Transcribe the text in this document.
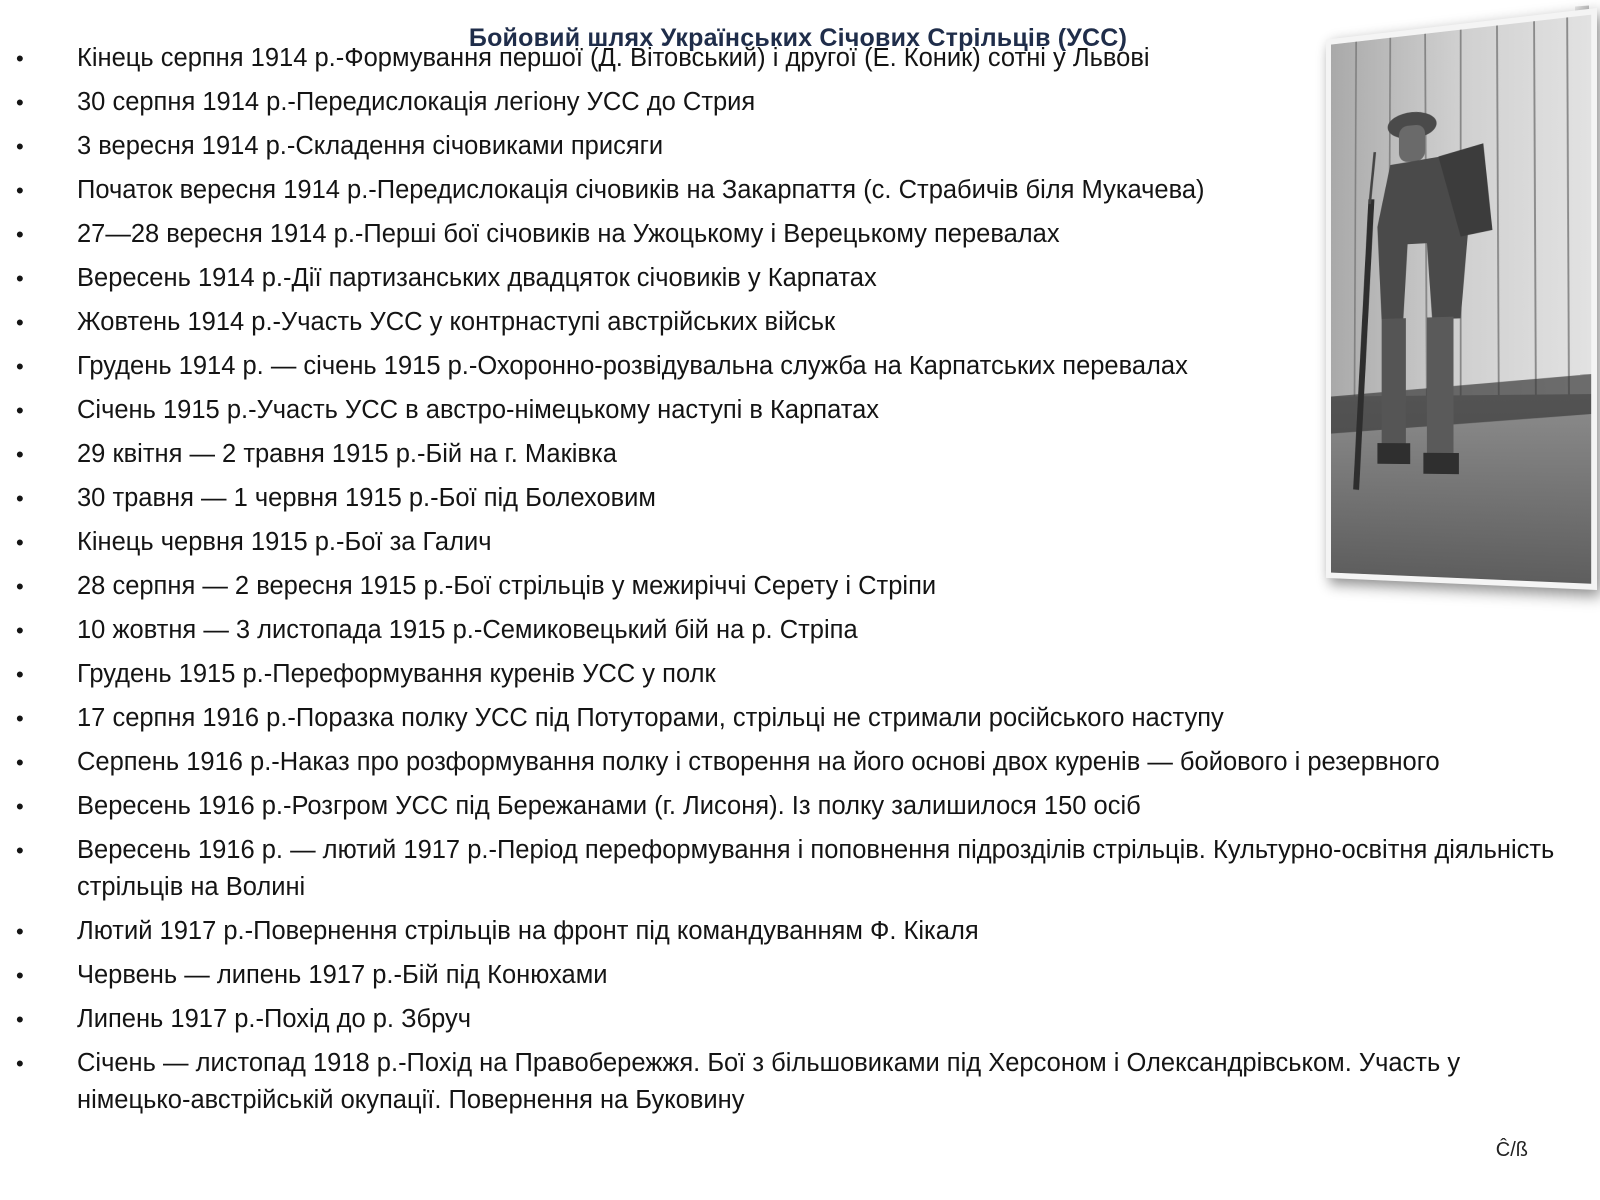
Бойовий шлях Українських Січових Стрільців (УСС)
• Кінець серпня 1914 р.-Формування першої (Д. Вітовський) і другої (Е. Коник) сотні у Львові
• 30 серпня 1914 р.-Передислокація легіону УСС до Стрия
• 3 вересня 1914 р.-Складення січовиками присяги
• Початок вересня 1914 р.-Передислокація січовиків на Закарпаття (с. Страбичів біля Мукачева)
• 27—28 вересня 1914 р.-Перші бої січовиків на Ужоцькому і Верецькому перевалах
• Вересень 1914 р.-Дії партизанських двадцяток січовиків у Карпатах
• Жовтень 1914 р.-Участь УСС у контрнаступі австрійських військ
• Грудень 1914 р. — січень 1915 р.-Охоронно-розвідувальна служба на Карпатських перевалах
• Січень 1915 р.-Участь УСС в австро-німецькому наступі в Карпатах
• 29 квітня — 2 травня 1915 р.-Бій на г. Маківка
• 30 травня — 1 червня 1915 р.-Бої під Болеховим
• Кінець червня 1915 р.-Бої за Галич
• 28 серпня — 2 вересня 1915 р.-Бої стрільців у межиріччі Серету і Стріпи
• 10 жовтня — 3 листопада 1915 р.-Семиковецький бій на р. Стріпа
• Грудень 1915 р.-Переформування куренів УСС у полк
• 17 серпня 1916 р.-Поразка полку УСС під Потуторами, стрільці не стримали російського наступу
• Серпень 1916 р.-Наказ про розформування полку і створення на його основі двох куренів — бойового і резервного
• Вересень 1916 р.-Розгром УСС під Бережанами (г. Лисоня). Із полку залишилося 150 осіб
• Вересень 1916 р. — лютий 1917 р.-Період переформування і поповнення підрозділів стрільців. Культурно-освітня діяльність стрільців на Волині
• Лютий 1917 р.-Повернення стрільців на фронт під командуванням Ф. Кікаля
• Червень — липень 1917 р.-Бій під Конюхами
• Липень 1917 р.-Похід до р. Збруч
• Січень — листопад 1918 р.-Похід на Правобережжя. Бої з більшовиками під Херсоном і Олександрівськом. Участь у німецько-австрійській окупації. Повернення на Буковину
Ĉ/ß
